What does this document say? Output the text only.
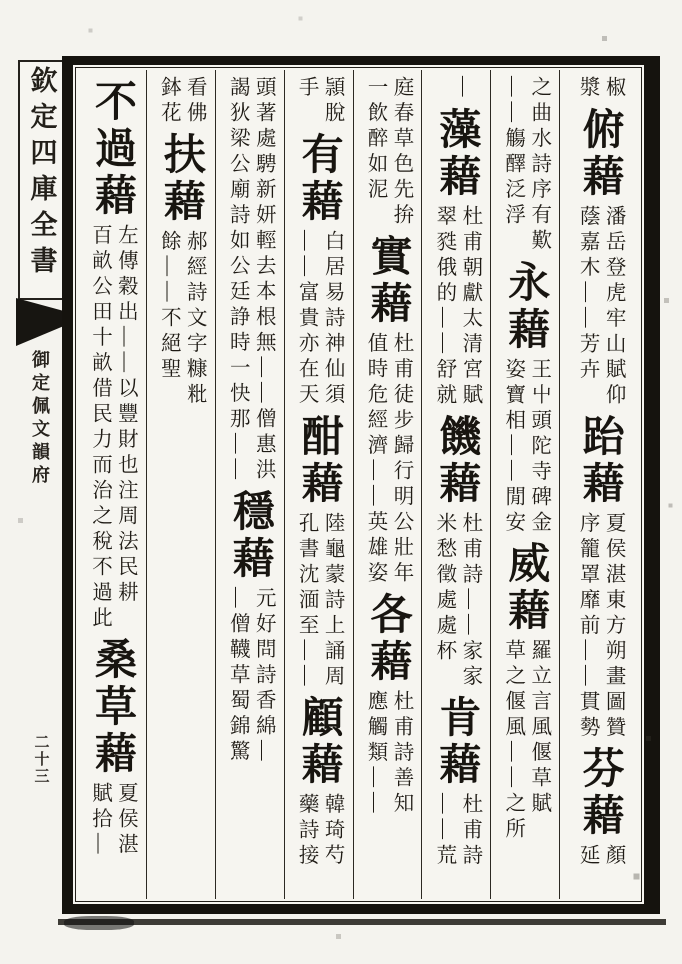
欽定四庫全書
御定佩文韻府
二十三
椒
漿
俯藉
潘岳登虎牢山賦仰
蔭嘉木――芳卉
跆藉
夏侯湛東方朔畫圖贊
序籠罩靡前――貫勢
芬藉
顏
延
之曲水詩序有歎
――觴醳泛浮
永藉
王屮頭陀寺碑金
姿寶相――閒安
威藉
羅立言風偃草賦
草之偃風――之所
―
藻藉
杜甫朝獻太清宮賦
翠甤俄的――舒就
饑藉
杜甫詩――家家
米愁徵處處杯
肯藉
杜甫詩
――荒
庭春草色先拚
一飲醉如泥
實藉
杜甫徒步歸行明公壯年
值時危經濟――英雄姿
各藉
杜甫詩善知
應觸類――
頴脫
手
有藉
白居易詩神仙須
――富貴亦在天
酣藉
陸龜蒙詩上誦周
孔書沈湎至――
顧藉
韓琦芍
藥詩接
頭著處騁新妍輕去本根無――僧惠洪
謁狄梁公廟詩如公廷諍時一快那――
穩藉
元好問詩香綿―
―僧韈草蜀錦驚
看佛
鉢花
扶藉
郝經詩文字糠粃
餘――不絕聖
不過藉
左傳穀出――以豐財也注周法民耕
百畝公田十畝借民力而治之稅不過此
桑草藉
夏侯湛
賦拾―
